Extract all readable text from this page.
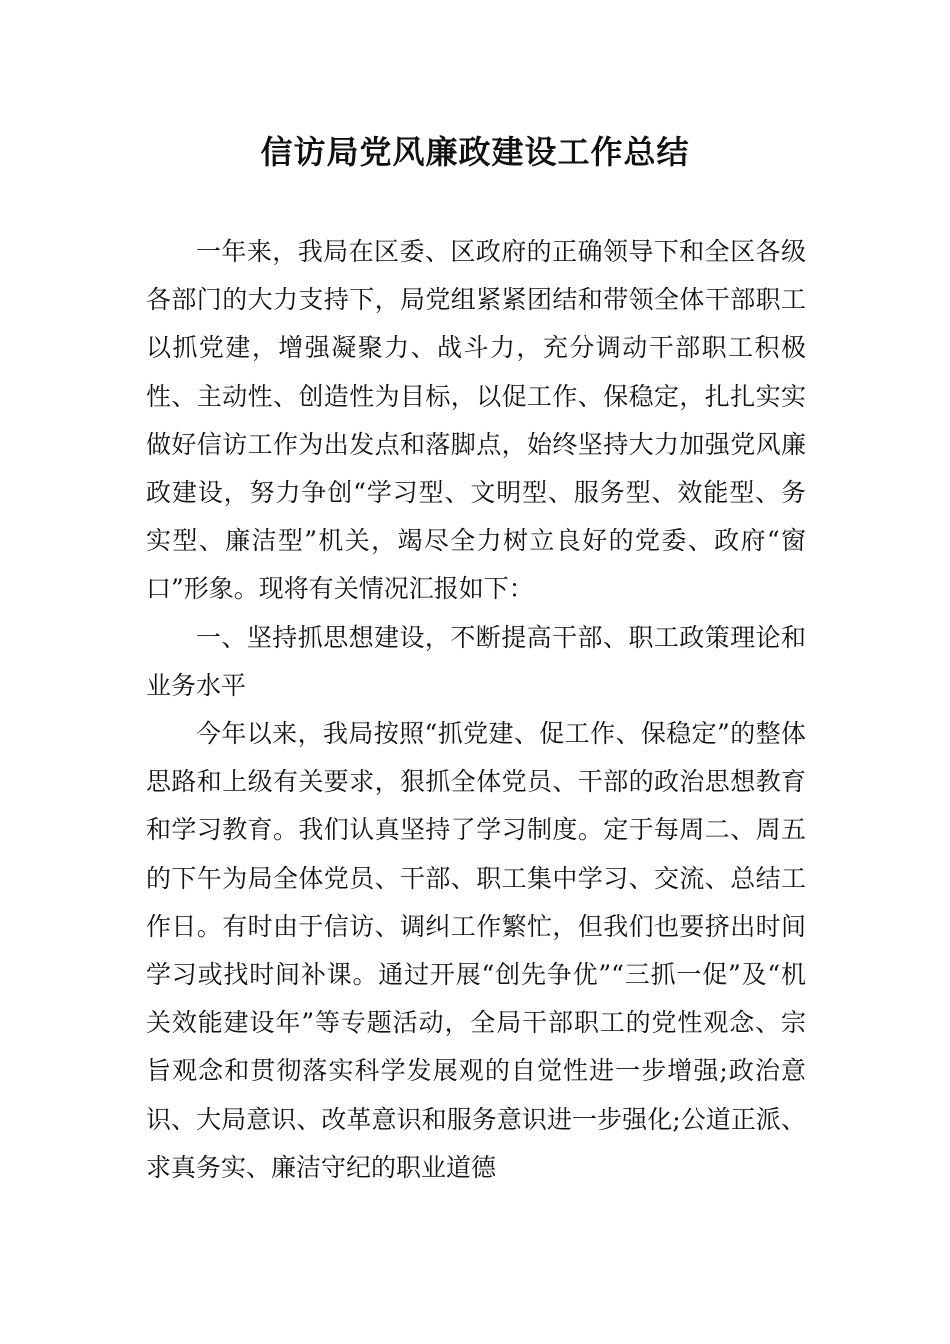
信访局党风廉政建设工作总结

一年来，我局在区委、区政府的正确领导下和全区各级各部门的大力支持下，局党组紧紧团结和带领全体干部职工以抓党建，增强凝聚力、战斗力，充分调动干部职工积极性、主动性、创造性为目标，以促工作、保稳定，扎扎实实做好信访工作为出发点和落脚点，始终坚持大力加强党风廉政建设，努力争创“学习型、文明型、服务型、效能型、务实型、廉洁型”机关，竭尽全力树立良好的党委、政府“窗口”形象。现将有关情况汇报如下：

一、坚持抓思想建设，不断提高干部、职工政策理论和业务水平

今年以来，我局按照“抓党建、促工作、保稳定”的整体思路和上级有关要求，狠抓全体党员、干部的政治思想教育和学习教育。我们认真坚持了学习制度。定于每周二、周五的下午为局全体党员、干部、职工集中学习、交流、总结工作日。有时由于信访、调纠工作繁忙，但我们也要挤出时间学习或找时间补课。通过开展“创先争优”“三抓一促”及“机关效能建设年”等专题活动，全局干部职工的党性观念、宗旨观念和贯彻落实科学发展观的自觉性进一步增强;政治意识、大局意识、改革意识和服务意识进一步强化;公道正派、求真务实、廉洁守纪的职业道德
